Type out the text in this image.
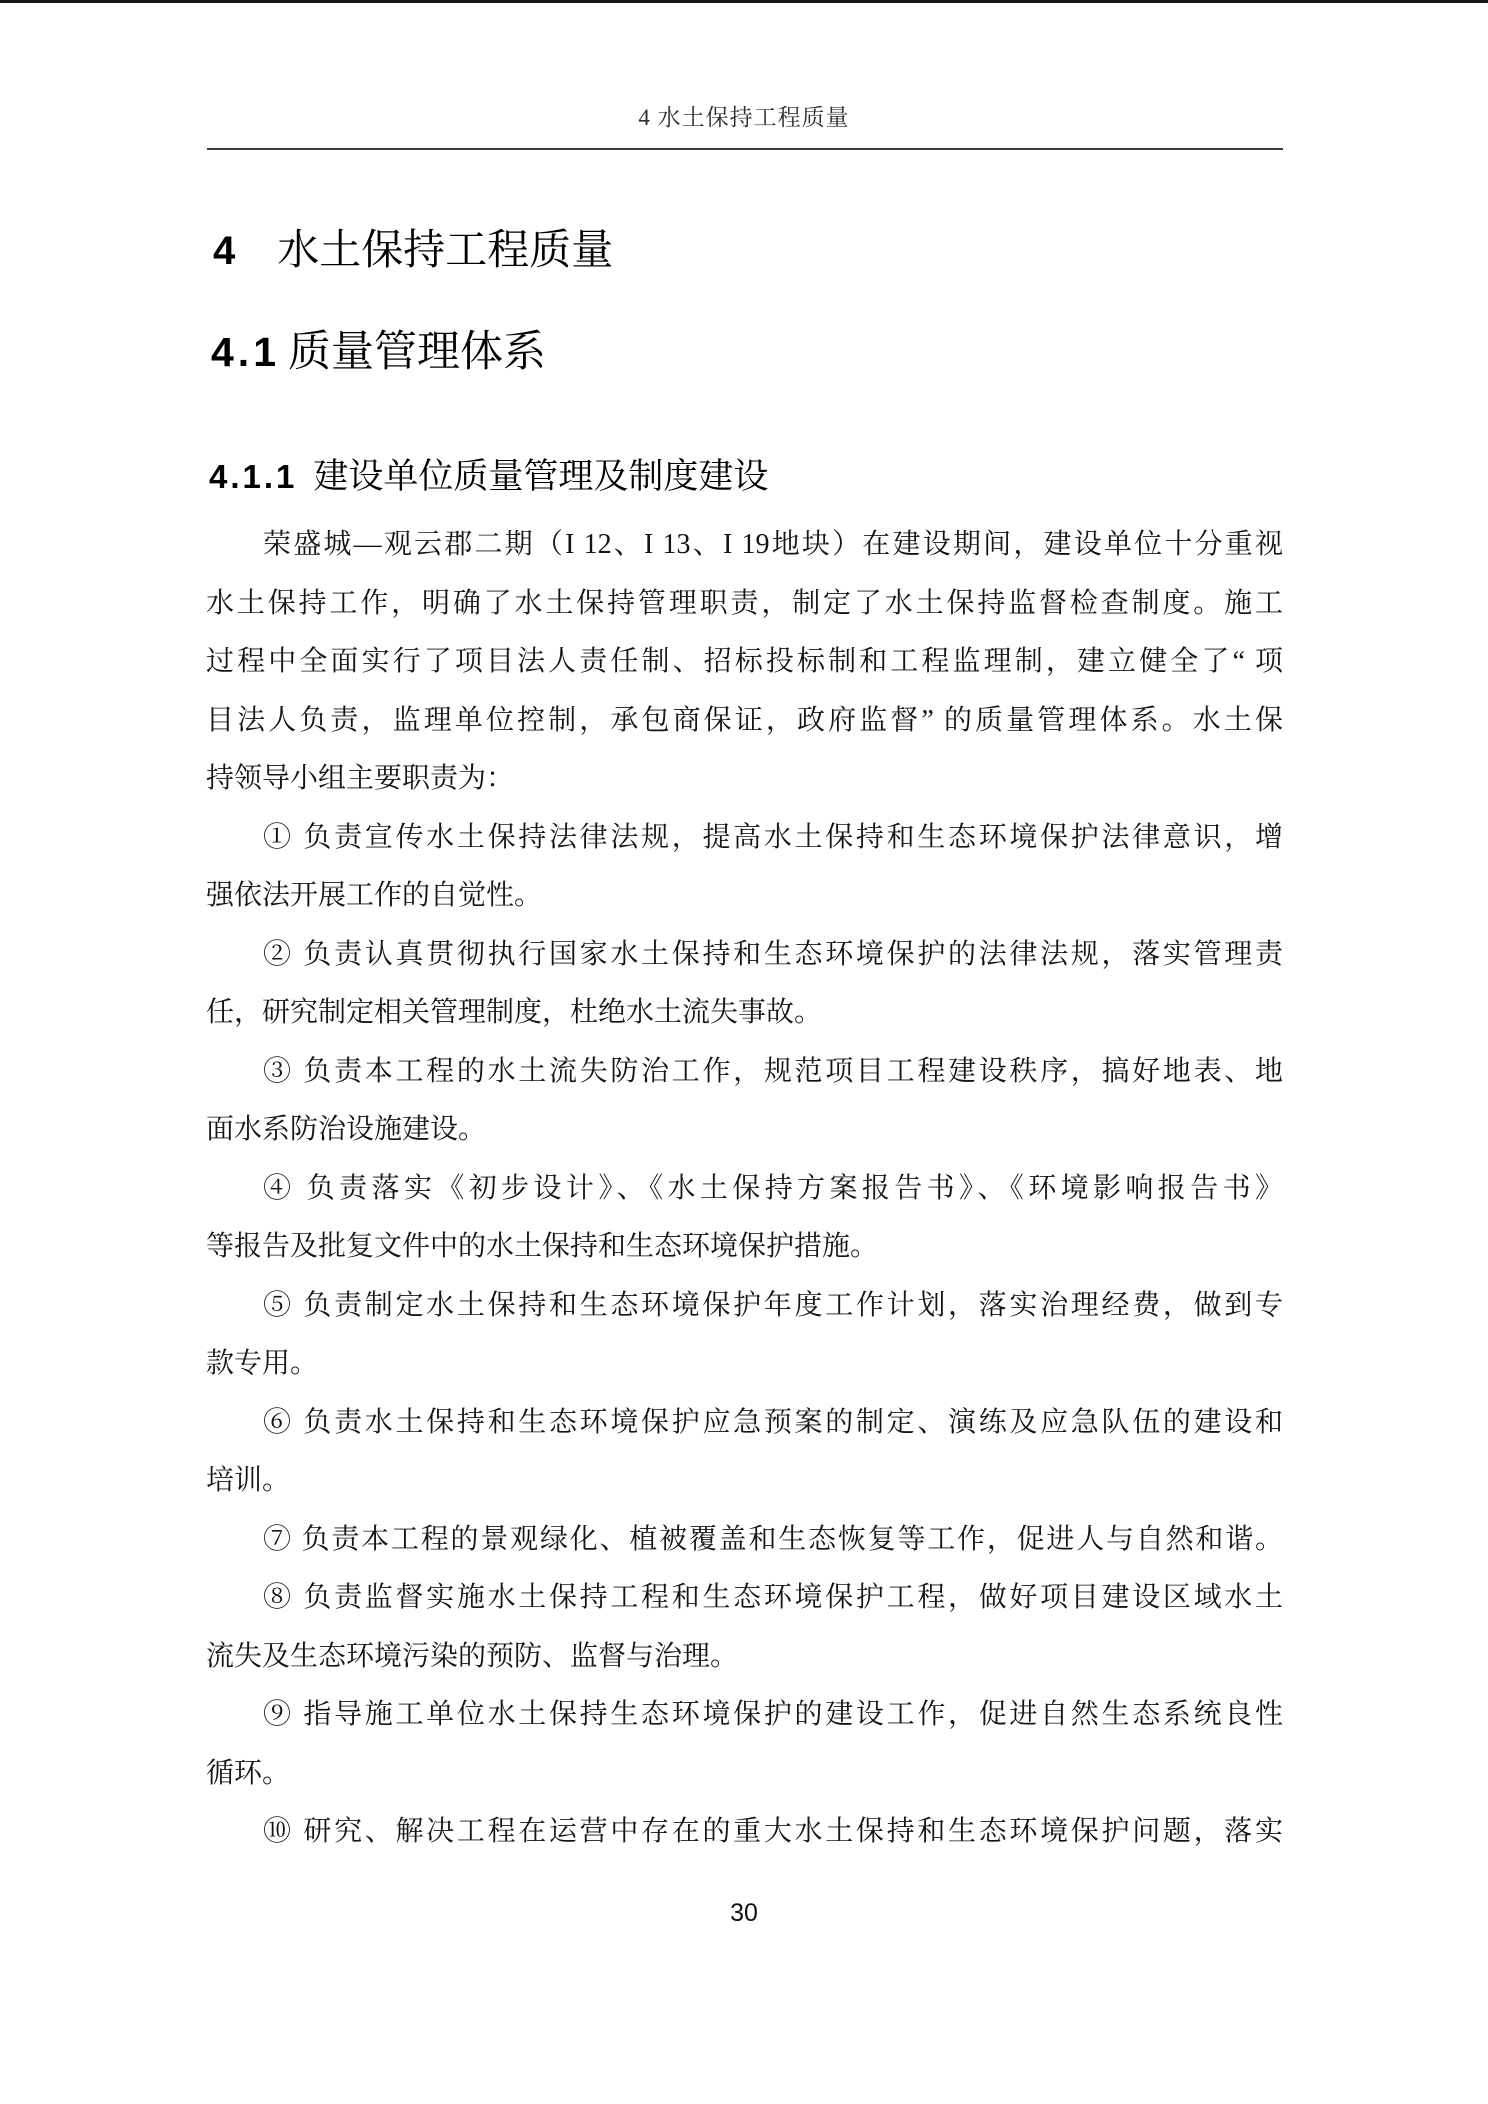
4 水土保持工程质量
4 水土保持工程质量
4.1 质量管理体系
4.1.1 建设单位质量管理及制度建设
荣盛城—观云郡二期（I 12、I 13、I 19地块）在建设期间，建设单位十分重视
水土保持工作，明确了水土保持管理职责，制定了水土保持监督检查制度。施工
过程中全面实行了项目法人责任制、招标投标制和工程监理制，建立健全了“ 项
目法人负责，监理单位控制，承包商保证，政府监督” 的质量管理体系。水土保
持领导小组主要职责为：
① 负责宣传水土保持法律法规，提高水土保持和生态环境保护法律意识，增
强依法开展工作的自觉性。
② 负责认真贯彻执行国家水土保持和生态环境保护的法律法规，落实管理责
任，研究制定相关管理制度，杜绝水土流失事故。
③ 负责本工程的水土流失防治工作，规范项目工程建设秩序，搞好地表、地
面水系防治设施建设。
④ 负责落实《初步设计》、《水土保持方案报告书》、《环境影响报告书》
等报告及批复文件中的水土保持和生态环境保护措施。
⑤ 负责制定水土保持和生态环境保护年度工作计划，落实治理经费，做到专
款专用。
⑥ 负责水土保持和生态环境保护应急预案的制定、演练及应急队伍的建设和
培训。
⑦ 负责本工程的景观绿化、植被覆盖和生态恢复等工作，促进人与自然和谐。
⑧ 负责监督实施水土保持工程和生态环境保护工程，做好项目建设区域水土
流失及生态环境污染的预防、监督与治理。
⑨ 指导施工单位水土保持生态环境保护的建设工作，促进自然生态系统良性
循环。
⑩ 研究、解决工程在运营中存在的重大水土保持和生态环境保护问题，落实
30
